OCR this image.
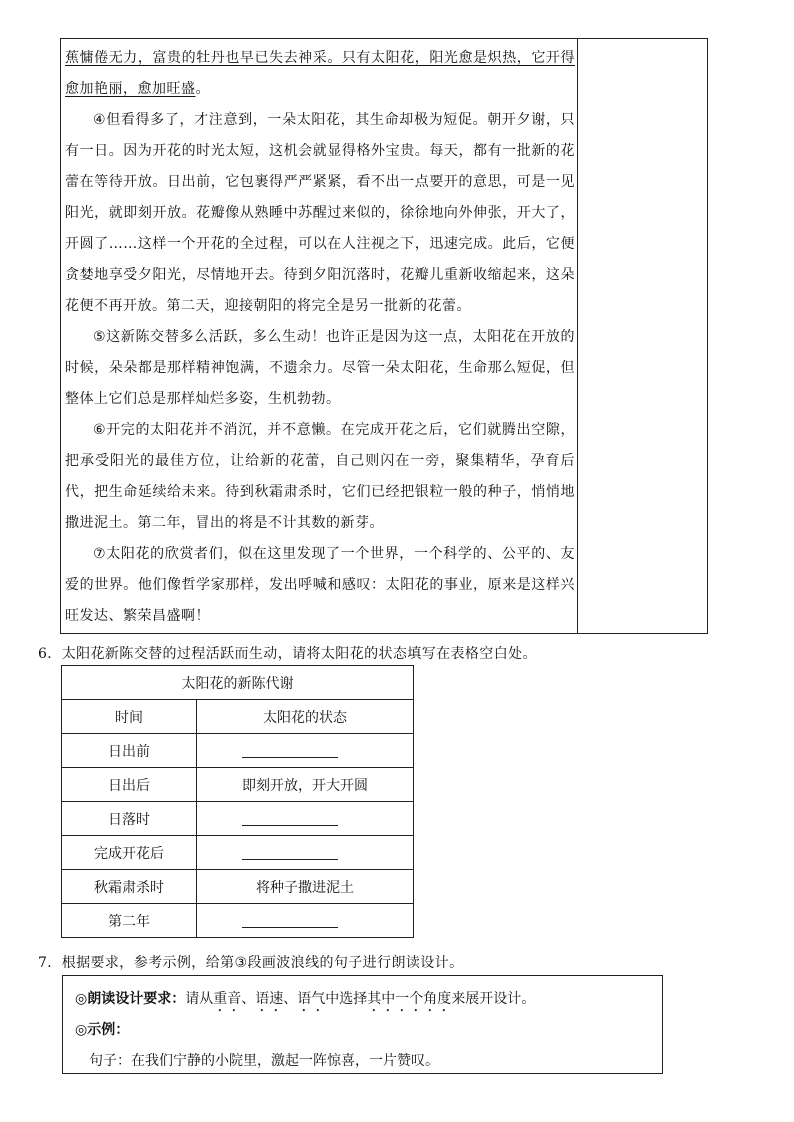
蕉慵倦无力，富贵的牡丹也早已失去神采。只有太阳花，阳光愈是炽热，它开得愈加艳丽，愈加旺盛。

④但看得多了，才注意到，一朵太阳花，其生命却极为短促。朝开夕谢，只有一日。因为开花的时光太短，这机会就显得格外宝贵。每天，都有一批新的花蕾在等待开放。日出前，它包裹得严严紧紧，看不出一点要开的意思，可是一见阳光，就即刻开放。花瓣像从熟睡中苏醒过来似的，徐徐地向外伸张，开大了，开圆了……这样一个开花的全过程，可以在人注视之下，迅速完成。此后，它便贪婪地享受夕阳光，尽情地开去。待到夕阳沉落时，花瓣儿重新收缩起来，这朵花便不再开放。第二天，迎接朝阳的将完全是另一批新的花蕾。

⑤这新陈交替多么活跃，多么生动！也许正是因为这一点，太阳花在开放的时候，朵朵都是那样精神饱满，不遗余力。尽管一朵太阳花，生命那么短促，但整体上它们总是那样灿烂多姿，生机勃勃。

⑥开完的太阳花并不消沉，并不意懒。在完成开花之后，它们就腾出空隙，把承受阳光的最佳方位，让给新的花蕾，自己则闪在一旁，聚集精华，孕育后代，把生命延续给未来。待到秋霜肃杀时，它们已经把银粒一般的种子，悄悄地撒进泥土。第二年，冒出的将是不计其数的新芽。

⑦太阳花的欣赏者们，似在这里发现了一个世界，一个科学的、公平的、友爱的世界。他们像哲学家那样，发出呼喊和感叹：太阳花的事业，原来是这样兴旺发达、繁荣昌盛啊！

6．太阳花新陈交替的过程活跃而生动，请将太阳花的状态填写在表格空白处。
太阳花的新陈代谢	
时间	太阳花的状态
日出前	
日出后	即刻开放，开大开圆
日落时	
完成开花后	
秋霜肃杀时	将种子撒进泥土
第二年	
7．根据要求，参考示例，给第③段画波浪线的句子进行朗读设计。
◎朗读设计要求：请从重音、语速、语气中选择其中一个角度来展开设计。
◎示例：
句子：在我们宁静的小院里，激起一阵惊喜，一片赞叹。
